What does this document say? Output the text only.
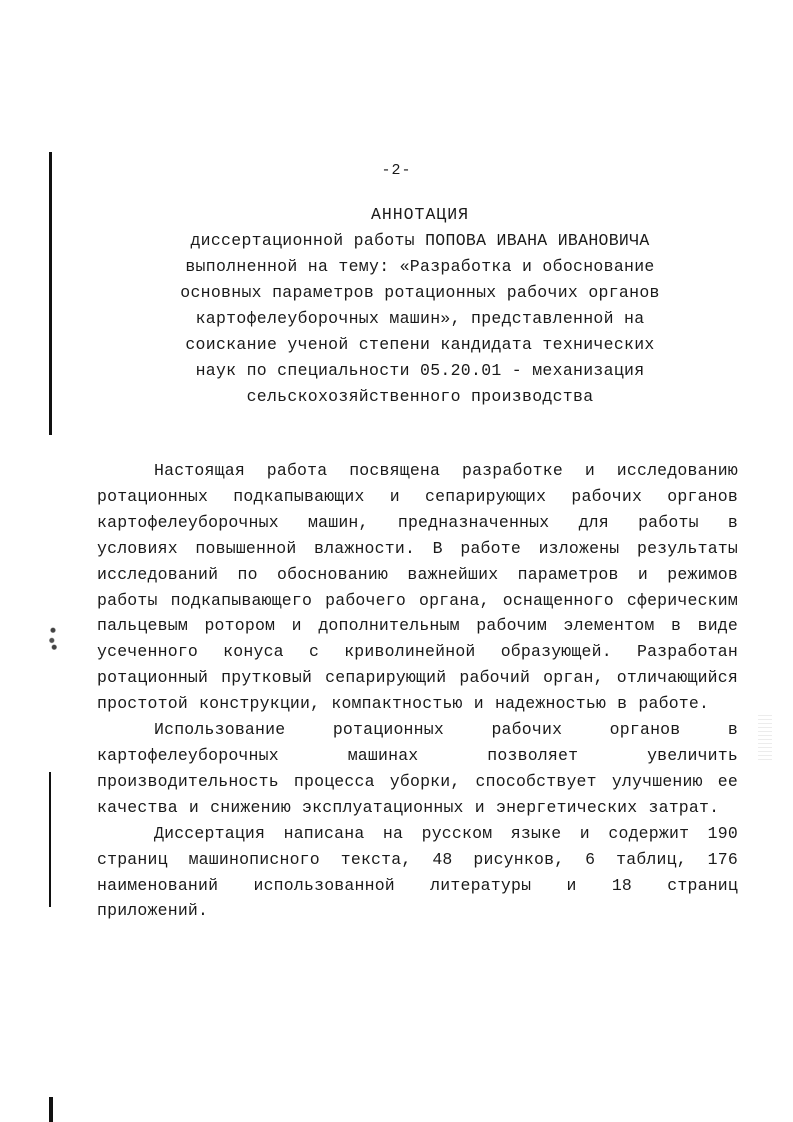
-2-
АННОТАЦИЯ
диссертационной работы ПОПОВА ИВАНА ИВАНОВИЧА
выполненной на тему: «Разработка и обоснование
основных параметров ротационных рабочих органов
картофелеуборочных машин», представленной на
соискание ученой степени кандидата технических
наук по специальности 05.20.01 - механизация
сельскохозяйственного производства

Настоящая работа посвящена разработке и исследованию ротационных подкапывающих и сепарирующих рабочих органов картофелеуборочных машин, предназначенных для работы в условиях повышенной влажности. В работе изложены результаты исследований по обоснованию важнейших параметров и режимов работы подкапывающего рабочего органа, оснащенного сферическим пальцевым ротором и дополнительным рабочим элементом в виде усеченного конуса с криволинейной образующей. Разработан ротационный прутковый сепарирующий рабочий орган, отличающийся простотой конструкции, компактностью и надежностью в работе.

Использование ротационных рабочих органов в картофелеуборочных машинах позволяет увеличить производительность процесса уборки, способствует улучшению ее качества и снижению эксплуатационных и энергетических затрат.

Диссертация написана на русском языке и содержит 190 страниц машинописного текста, 48 рисунков, 6 таблиц, 176 наименований использованной литературы и 18 страниц приложений.
